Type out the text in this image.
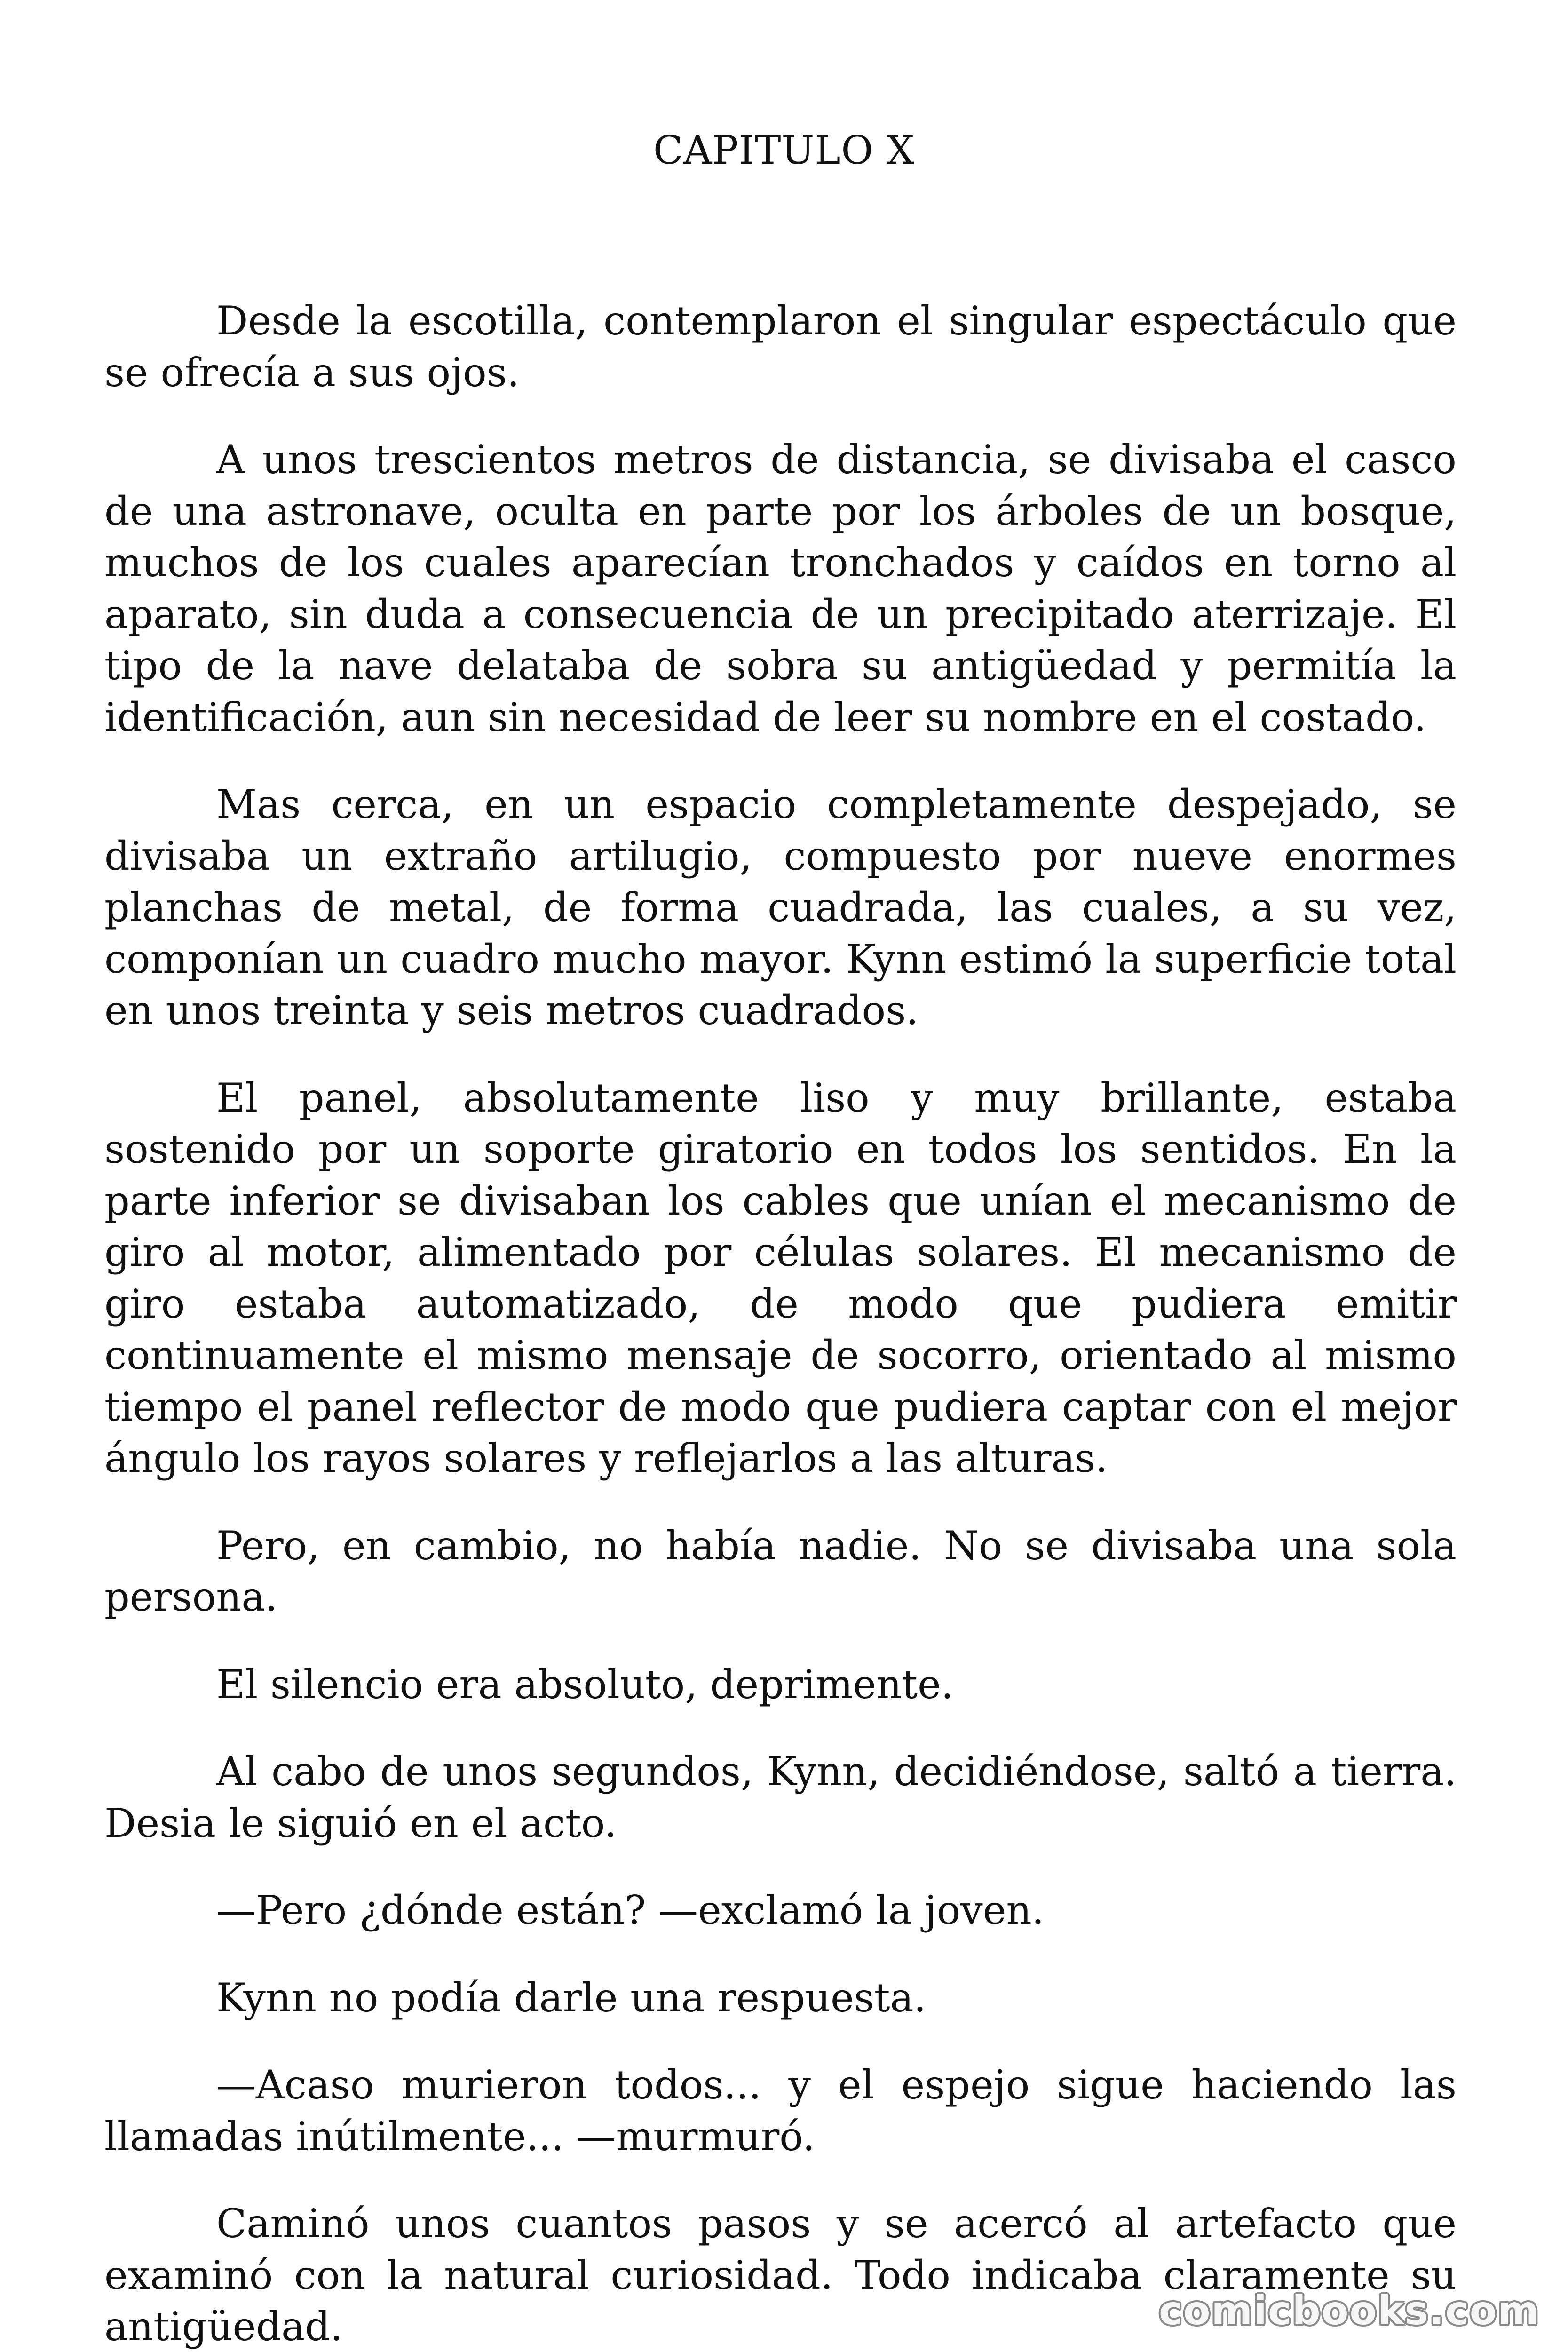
CAPITULO X

Desde la escotilla, contemplaron el singular espectáculo que se ofrecía a sus ojos.

A unos trescientos metros de distancia, se divisaba el casco de una astronave, oculta en parte por los árboles de un bosque, muchos de los cuales aparecían tronchados y caídos en torno al aparato, sin duda a consecuencia de un precipitado aterrizaje. El tipo de la nave delataba de sobra su antigüedad y permitía la identificación, aun sin necesidad de leer su nombre en el costado.

Mas cerca, en un espacio completamente despejado, se divisaba un extraño artilugio, compuesto por nueve enormes planchas de metal, de forma cuadrada, las cuales, a su vez, componían un cuadro mucho mayor. Kynn estimó la superficie total en unos treinta y seis metros cuadrados.

El panel, absolutamente liso y muy brillante, estaba sostenido por un soporte giratorio en todos los sentidos. En la parte inferior se divisaban los cables que unían el mecanismo de giro al motor, alimentado por células solares. El mecanismo de giro estaba automatizado, de modo que pudiera emitir continuamente el mismo mensaje de socorro, orientado al mismo tiempo el panel reflector de modo que pudiera captar con el mejor ángulo los rayos solares y reflejarlos a las alturas.

Pero, en cambio, no había nadie. No se divisaba una sola persona.

El silencio era absoluto, deprimente.

Al cabo de unos segundos, Kynn, decidiéndose, saltó a tierra. Desia le siguió en el acto.

—Pero ¿dónde están? —exclamó la joven.

Kynn no podía darle una respuesta.

—Acaso murieron todos... y el espejo sigue haciendo las llamadas inútilmente... —murmuró.

Caminó unos cuantos pasos y se acercó al artefacto que examinó con la natural curiosidad. Todo indicaba claramente su antigüedad.	comicbooks.com
